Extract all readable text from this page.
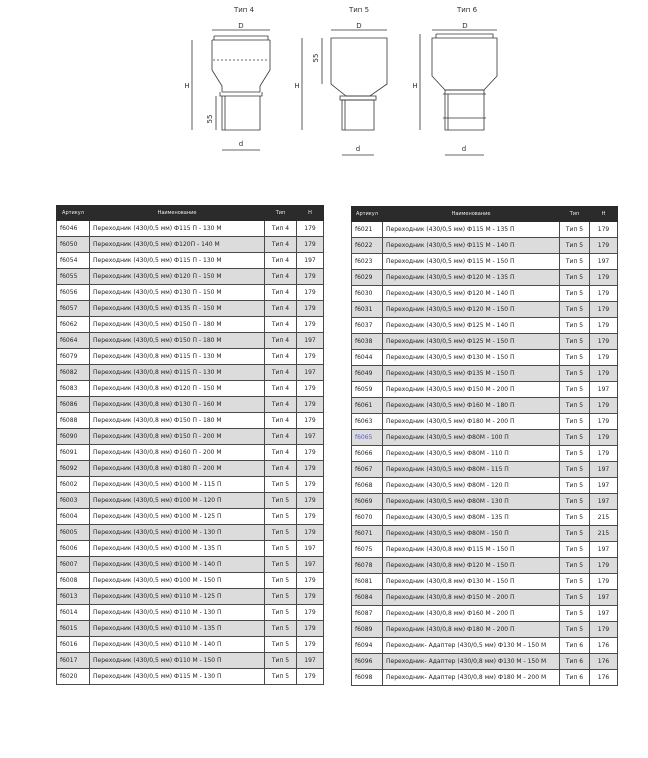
Тип 4	Тип 5	Тип 6
D
d
H
55
D
d
H
55
D
d
H
Артикул	Наименование	Тип	H
f6046	Переходник (430/0,5 мм) Ф115 П - 130 М	Тип 4	179
f6050	Переходник (430/0,5 мм) Ф120П - 140 М	Тип 4	179
f6054	Переходник (430/0,5 мм) Ф115 П - 130 М	Тип 4	197
f6055	Переходник (430/0,5 мм) Ф120 П - 150 М	Тип 4	179
f6056	Переходник (430/0,5 мм) Ф130 П - 150 М	Тип 4	179
f6057	Переходник (430/0,5 мм) Ф135 П - 150 М	Тип 4	179
f6062	Переходник (430/0,5 мм) Ф150 П - 180 М	Тип 4	179
f6064	Переходник (430/0,5 мм) Ф150 П - 180 М	Тип 4	197
f6079	Переходник (430/0,8 мм) Ф115 П - 130 М	Тип 4	179
f6082	Переходник (430/0,8 мм) Ф115 П - 130 М	Тип 4	197
f6083	Переходник (430/0,8 мм) Ф120 П - 150 М	Тип 4	179
f6086	Переходник (430/0,8 мм) Ф130 П - 160 М	Тип 4	179
f6088	Переходник (430/0,8 мм) Ф150 П - 180 М	Тип 4	179
f6090	Переходник (430/0,8 мм) Ф150 П - 200 М	Тип 4	197
f6091	Переходник (430/0,8 мм) Ф160 П - 200 М	Тип 4	179
f6092	Переходник (430/0,8 мм) Ф180 П - 200 М	Тип 4	179
f6002	Переходник (430/0,5 мм) Ф100 М - 115 П	Тип 5	179
f6003	Переходник (430/0,5 мм) Ф100 М - 120 П	Тип 5	179
f6004	Переходник (430/0,5 мм) Ф100 М - 125 П	Тип 5	179
f6005	Переходник (430/0,5 мм) Ф100 М - 130 П	Тип 5	179
f6006	Переходник (430/0,5 мм) Ф100 М - 135 П	Тип 5	197
f6007	Переходник (430/0,5 мм) Ф100 М - 140 П	Тип 5	197
f6008	Переходник (430/0,5 мм) Ф100 М - 150 П	Тип 5	179
f6013	Переходник (430/0,5 мм) Ф110 М - 125 П	Тип 5	179
f6014	Переходник (430/0,5 мм) Ф110 М - 130 П	Тип 5	179
f6015	Переходник (430/0,5 мм) Ф110 М - 135 П	Тип 5	179
f6016	Переходник (430/0,5 мм) Ф110 М - 140 П	Тип 5	179
f6017	Переходник (430/0,5 мм) Ф110 М - 150 П	Тип 5	197
f6020	Переходник (430/0,5 мм) Ф115 М - 130 П	Тип 5	179
Артикул	Наименование	Тип	H
f6021	Переходник (430/0,5 мм) Ф115 М - 135 П	Тип 5	179
f6022	Переходник (430/0,5 мм) Ф115 М - 140 П	Тип 5	179
f6023	Переходник (430/0,5 мм) Ф115 М - 150 П	Тип 5	197
f6029	Переходник (430/0,5 мм) Ф120 М - 135 П	Тип 5	179
f6030	Переходник (430/0,5 мм) Ф120 М - 140 П	Тип 5	179
f6031	Переходник (430/0,5 мм) Ф120 М - 150 П	Тип 5	179
f6037	Переходник (430/0,5 мм) Ф125 М - 140 П	Тип 5	179
f6038	Переходник (430/0,5 мм) Ф125 М - 150 П	Тип 5	179
f6044	Переходник (430/0,5 мм) Ф130 М - 150 П	Тип 5	179
f6049	Переходник (430/0,5 мм) Ф135 М - 150 П	Тип 5	179
f6059	Переходник (430/0,5 мм) Ф150 М - 200 П	Тип 5	197
f6061	Переходник (430/0,5 мм) Ф160 М - 180 П	Тип 5	179
f6063	Переходник (430/0,5 мм) Ф180 М - 200 П	Тип 5	179
f6065	Переходник (430/0,5 мм) Ф80М - 100 П	Тип 5	179
f6066	Переходник (430/0,5 мм) Ф80М - 110 П	Тип 5	179
f6067	Переходник (430/0,5 мм) Ф80М - 115 П	Тип 5	197
f6068	Переходник (430/0,5 мм) Ф80М - 120 П	Тип 5	197
f6069	Переходник (430/0,5 мм) Ф80М - 130 П	Тип 5	197
f6070	Переходник (430/0,5 мм) Ф80М - 135 П	Тип 5	215
f6071	Переходник (430/0,5 мм) Ф80М - 150 П	Тип 5	215
f6075	Переходник (430/0,8 мм) Ф115 М - 150 П	Тип 5	197
f6078	Переходник (430/0,8 мм) Ф120 М - 150 П	Тип 5	179
f6081	Переходник (430/0,8 мм) Ф130 М - 150 П	Тип 5	179
f6084	Переходник (430/0,8 мм) Ф150 М - 200 П	Тип 5	197
f6087	Переходник (430/0,8 мм) Ф160 М - 200 П	Тип 5	197
f6089	Переходник (430/0,8 мм) Ф180 М - 200 П	Тип 5	179
f6094	Переходник- Адаптер (430/0,5 мм) Ф130 М - 150 М	Тип 6	176
f6096	Переходник- Адаптер (430/0,8 мм) Ф130 М - 150 М	Тип 6	176
f6098	Переходник- Адаптер (430/0,8 мм) Ф180 М - 200 М	Тип 6	176
